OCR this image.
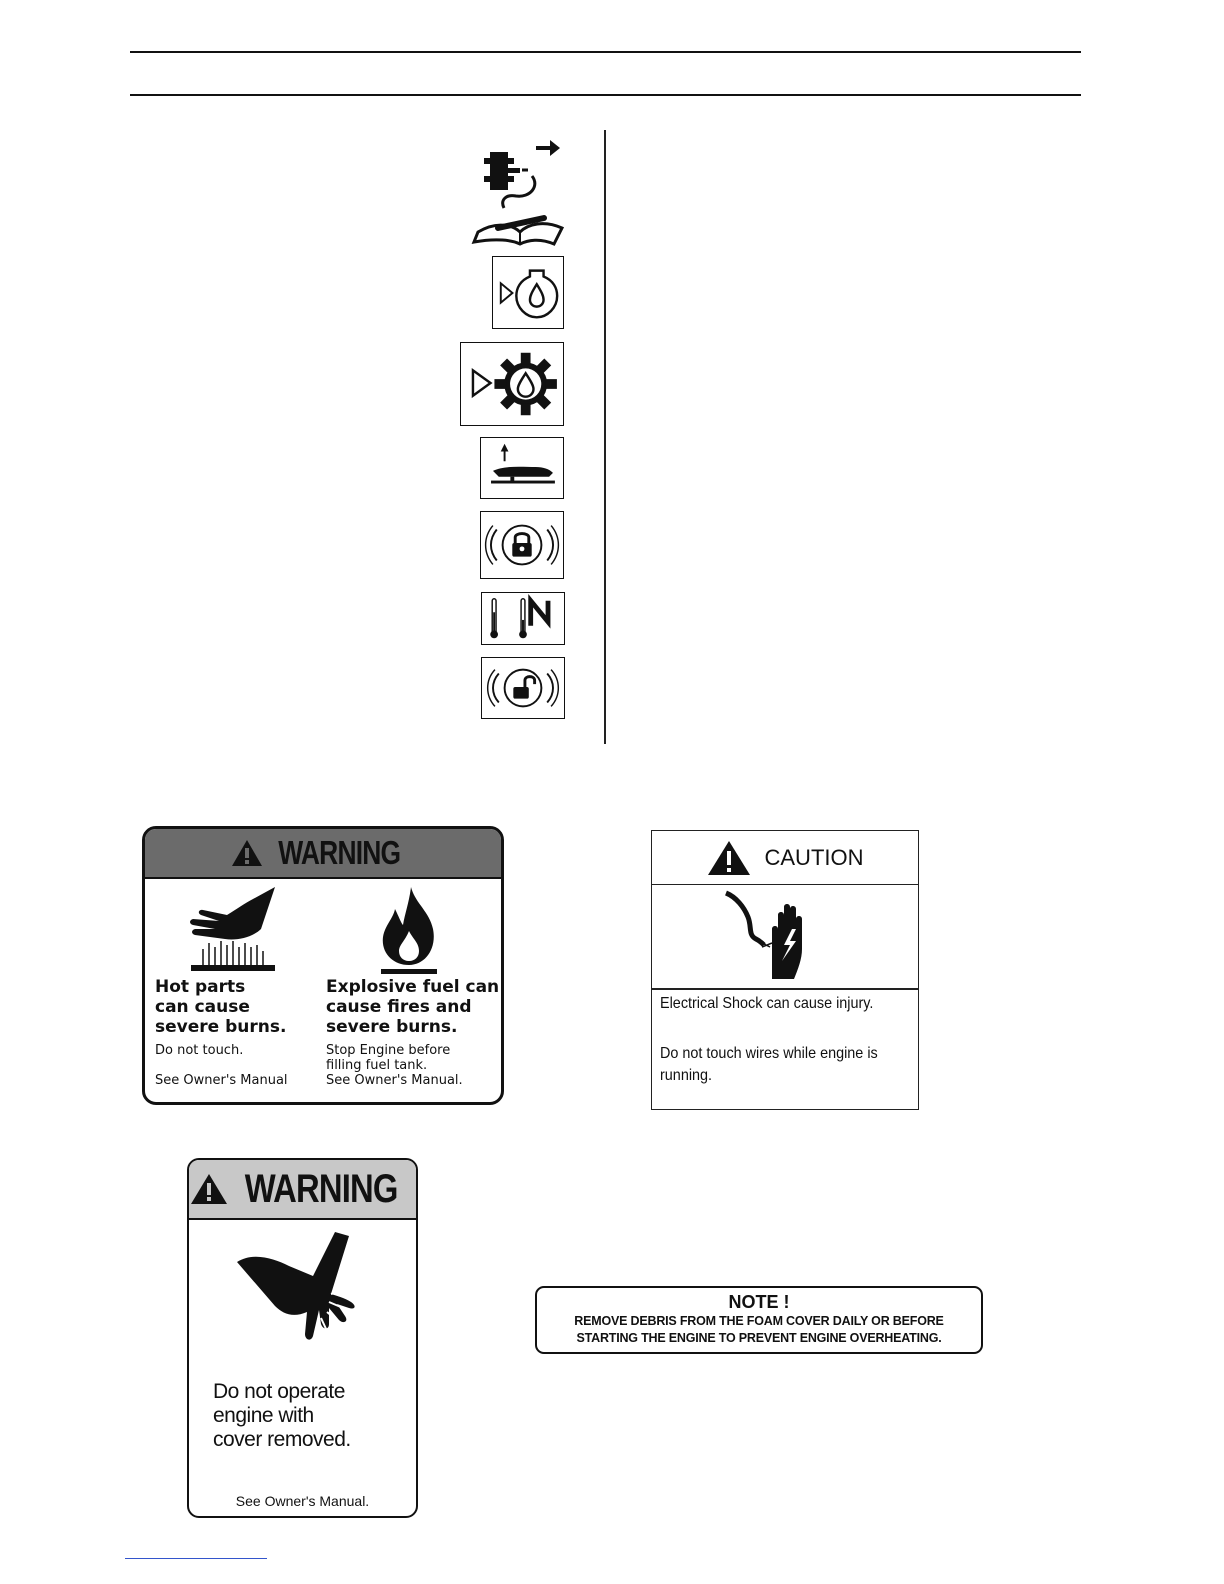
WARNING
Hot parts
can cause
severe burns.
Do not touch.
See Owner's Manual
Explosive fuel can
cause fires and
severe burns.
Stop Engine before
filling fuel tank.
See Owner's Manual.
CAUTION
Electrical Shock can cause injury.
Do not touch wires while engine is
running.
WARNING
Do not operate
engine with
cover removed.
See Owner's Manual.
NOTE !
REMOVE DEBRIS FROM THE FOAM COVER DAILY OR BEFORE
STARTING THE ENGINE TO PREVENT ENGINE OVERHEATING.
